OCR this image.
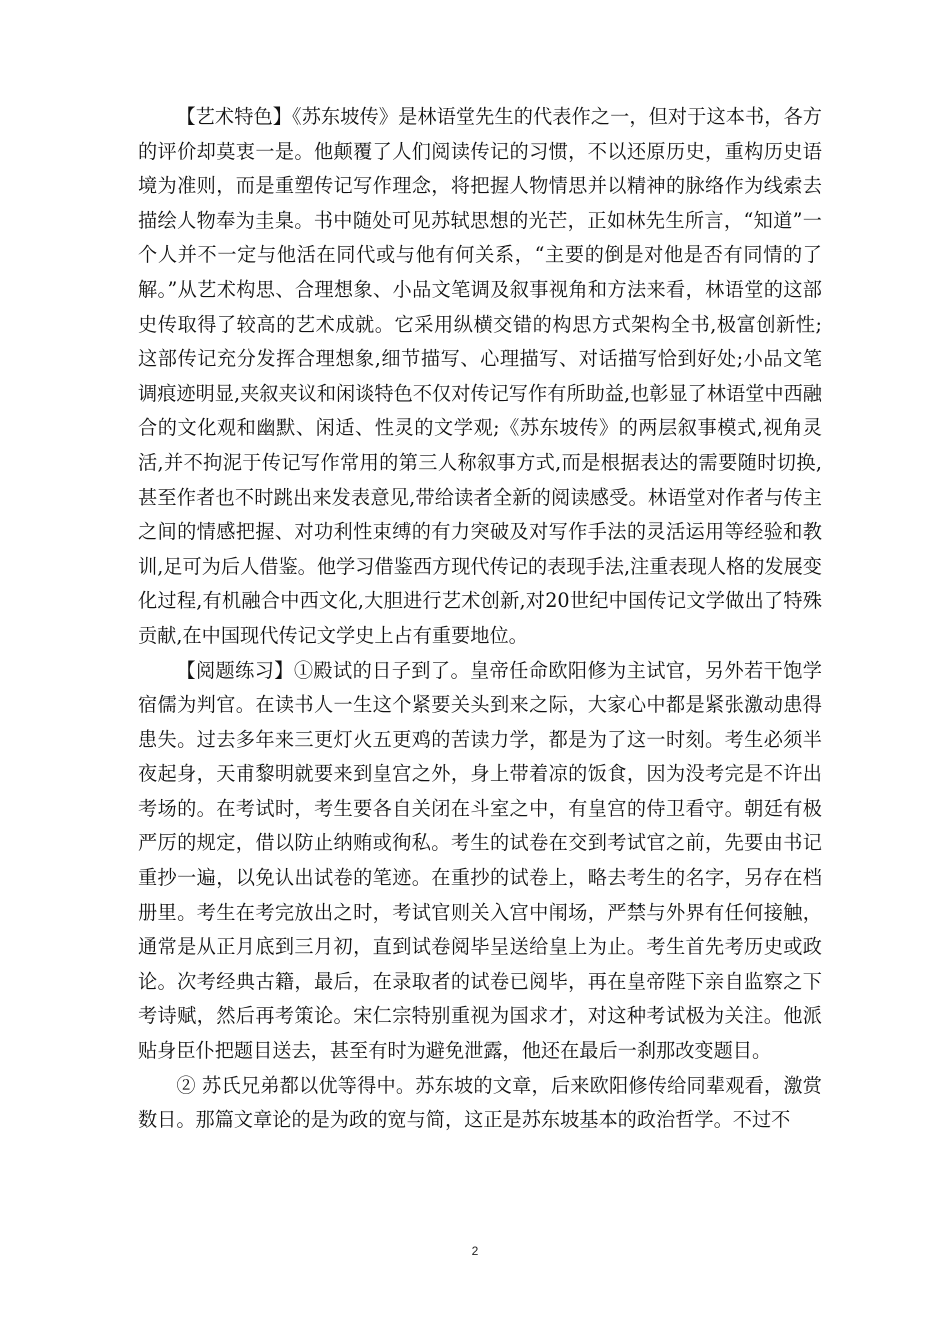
【艺术特色】《苏东坡传》是林语堂先生的代表作之一，但对于这本书，各方的评价却莫衷一是。他颠覆了人们阅读传记的习惯，不以还原历史，重构历史语境为准则，而是重塑传记写作理念，将把握人物情思并以精神的脉络作为线索去描绘人物奉为圭臬。书中随处可见苏轼思想的光芒，正如林先生所言，“知道”一个人并不一定与他活在同代或与他有何关系，“主要的倒是对他是否有同情的了解。”从艺术构思、合理想象、小品文笔调及叙事视角和方法来看，林语堂的这部史传取得了较高的艺术成就。它采用纵横交错的构思方式架构全书,极富创新性;这部传记充分发挥合理想象,细节描写、心理描写、对话描写恰到好处;小品文笔调痕迹明显,夹叙夹议和闲谈特色不仅对传记写作有所助益,也彰显了林语堂中西融合的文化观和幽默、闲适、性灵的文学观;《苏东坡传》的两层叙事模式,视角灵活,并不拘泥于传记写作常用的第三人称叙事方式,而是根据表达的需要随时切换,甚至作者也不时跳出来发表意见,带给读者全新的阅读感受。林语堂对作者与传主之间的情感把握、对功利性束缚的有力突破及对写作手法的灵活运用等经验和教训,足可为后人借鉴。他学习借鉴西方现代传记的表现手法,注重表现人格的发展变化过程,有机融合中西文化,大胆进行艺术创新,对20世纪中国传记文学做出了特殊贡献,在中国现代传记文学史上占有重要地位。

【阅题练习】①殿试的日子到了。皇帝任命欧阳修为主试官，另外若干饱学宿儒为判官。在读书人一生这个紧要关头到来之际，大家心中都是紧张激动患得患失。过去多年来三更灯火五更鸡的苦读力学，都是为了这一时刻。考生必须半夜起身，天甫黎明就要来到皇宫之外，身上带着凉的饭食，因为没考完是不许出考场的。在考试时，考生要各自关闭在斗室之中，有皇宫的侍卫看守。朝廷有极严厉的规定，借以防止纳贿或徇私。考生的试卷在交到考试官之前，先要由书记重抄一遍，以免认出试卷的笔迹。在重抄的试卷上，略去考生的名字，另存在档册里。考生在考完放出之时，考试官则关入宫中闱场，严禁与外界有任何接触，通常是从正月底到三月初，直到试卷阅毕呈送给皇上为止。考生首先考历史或政论。次考经典古籍，最后，在录取者的试卷已阅毕，再在皇帝陛下亲自监察之下考诗赋，然后再考策论。宋仁宗特别重视为国求才，对这种考试极为关注。他派贴身臣仆把题目送去，甚至有时为避免泄露，他还在最后一刹那改变题目。

② 苏氏兄弟都以优等得中。苏东坡的文章，后来欧阳修传给同辈观看，激赏数日。那篇文章论的是为政的宽与简，这正是苏东坡基本的政治哲学。不过不

2
